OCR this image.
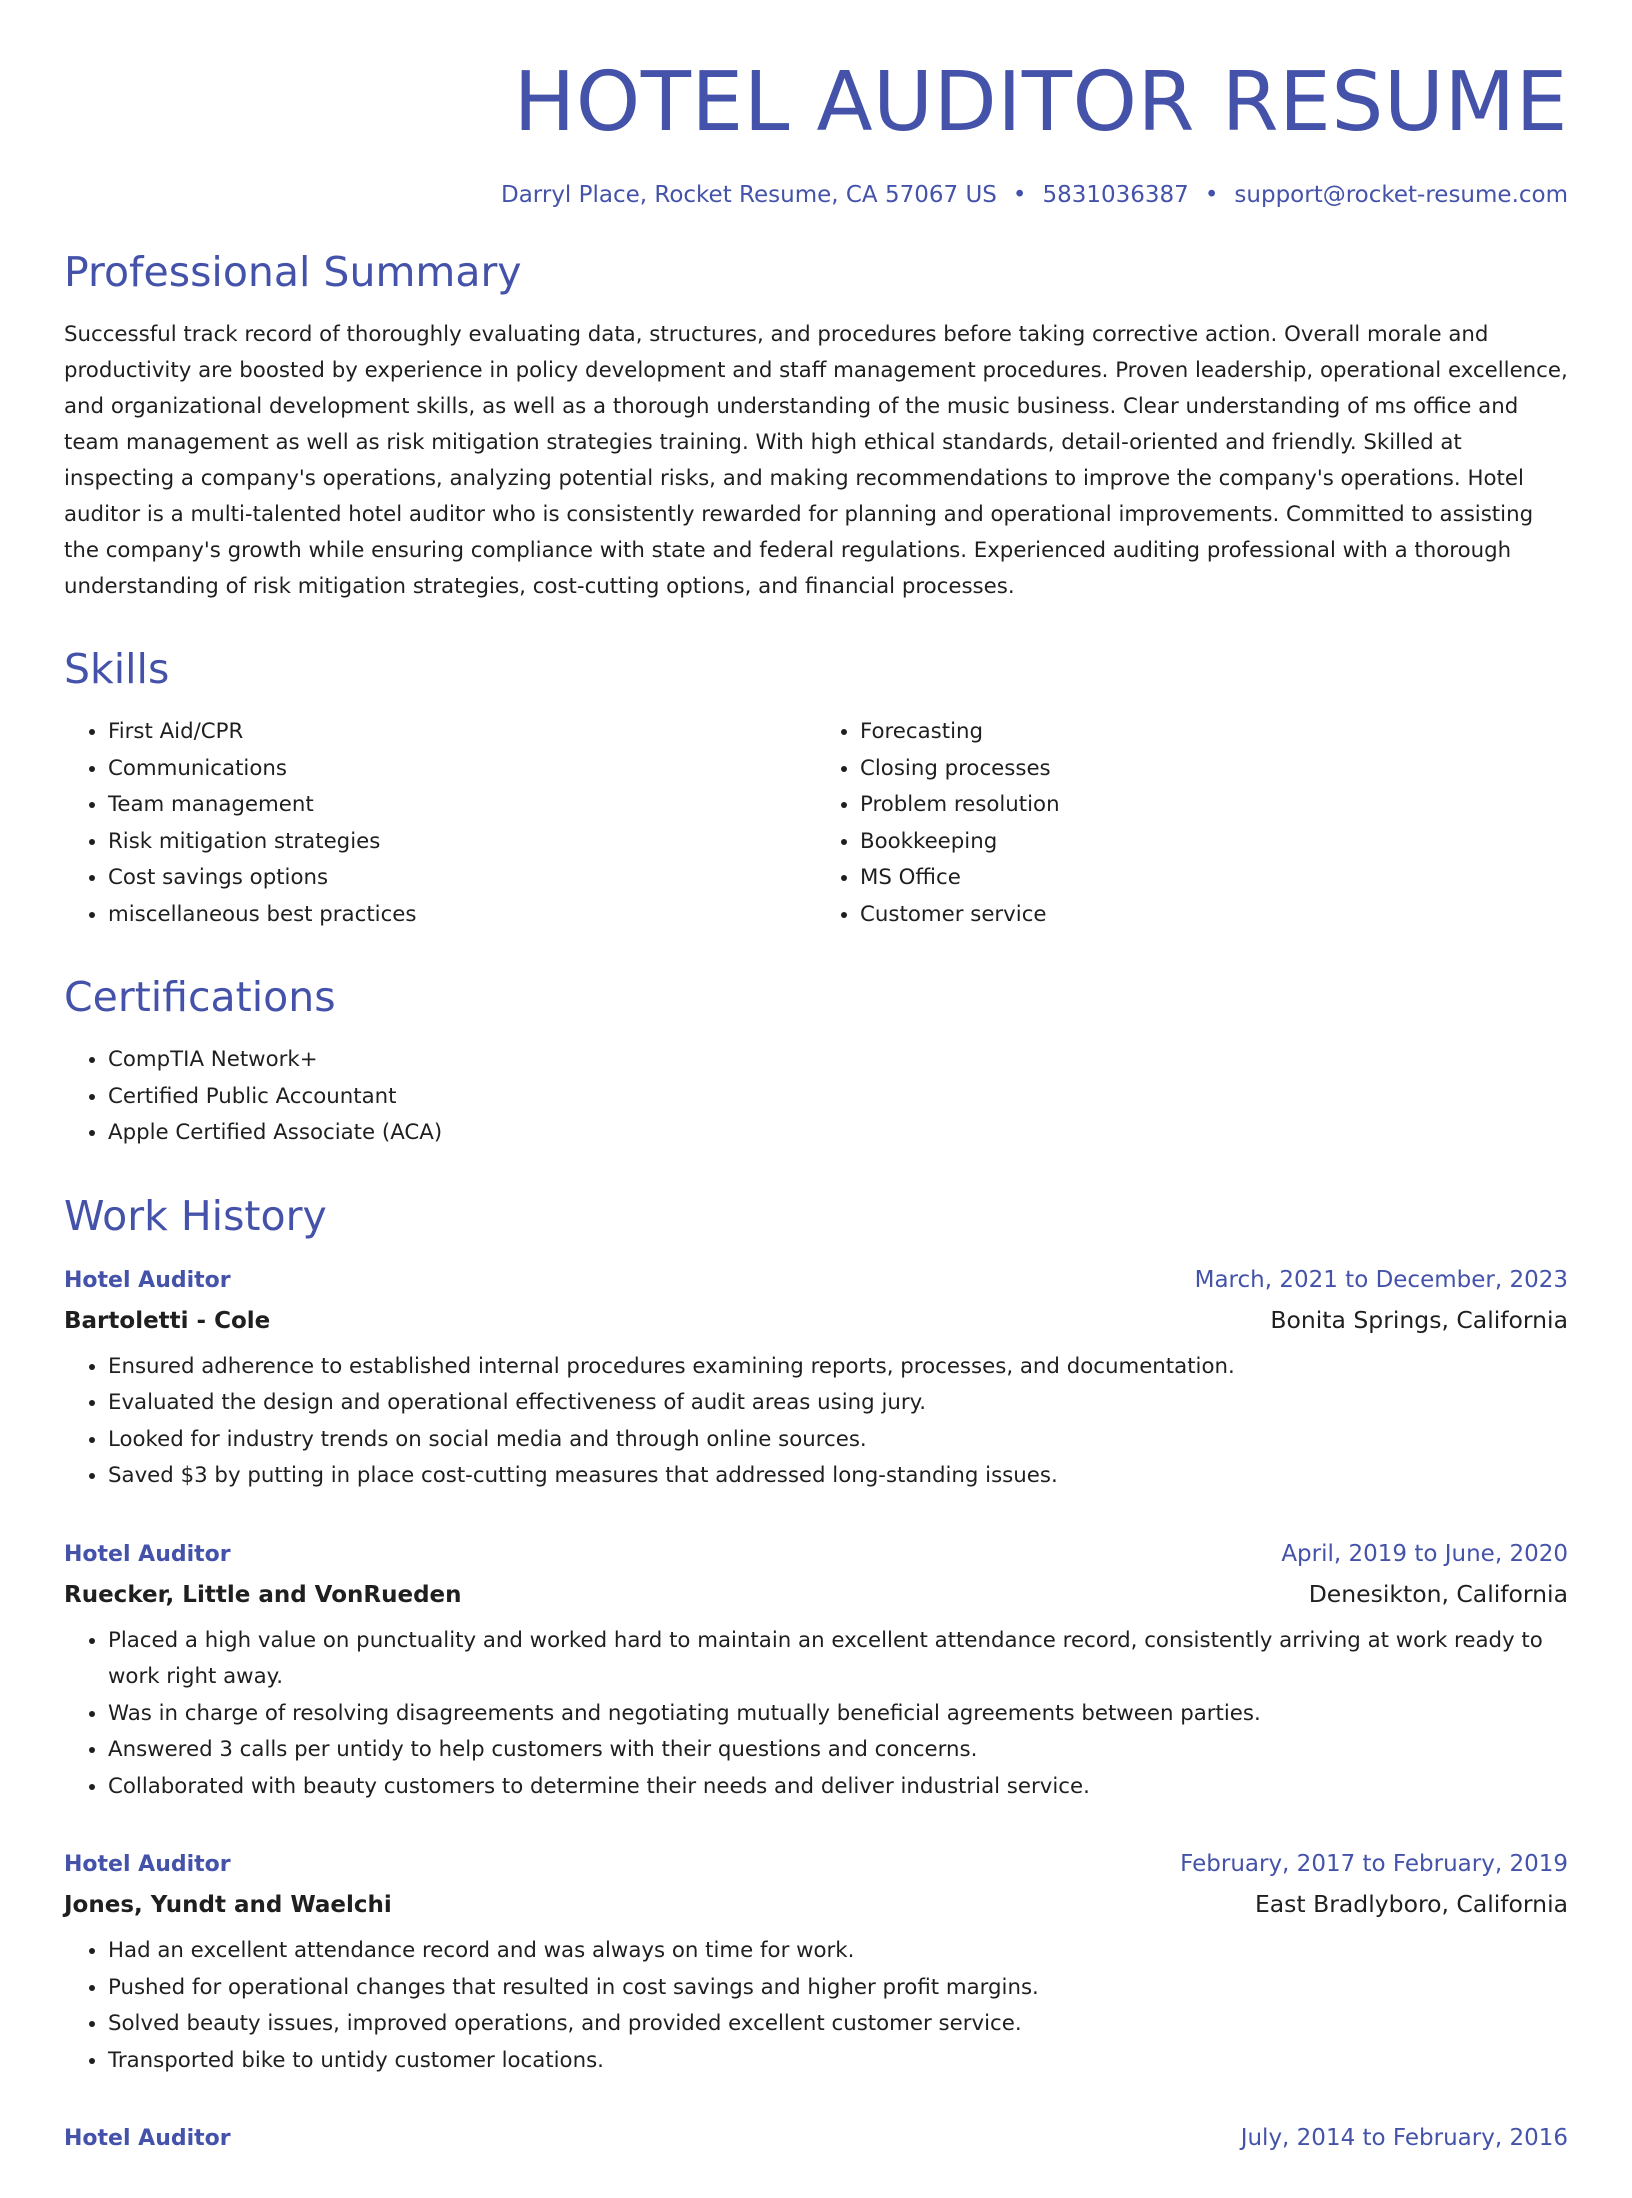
HOTEL AUDITOR RESUME
Darryl Place, Rocket Resume, CA 57067 US • 5831036387 • support@rocket-resume.com
Professional Summary

Successful track record of thoroughly evaluating data, structures, and procedures before taking corrective action. Overall morale and productivity are boosted by experience in policy development and staff management procedures. Proven leadership, operational excellence, and organizational development skills, as well as a thorough understanding of the music business. Clear understanding of ms office and team management as well as risk mitigation strategies training. With high ethical standards, detail-oriented and friendly. Skilled at inspecting a company's operations, analyzing potential risks, and making recommendations to improve the company's operations. Hotel auditor is a multi-talented hotel auditor who is consistently rewarded for planning and operational improvements. Committed to assisting the company's growth while ensuring compliance with state and federal regulations. Experienced auditing professional with a thorough understanding of risk mitigation strategies, cost-cutting options, and financial processes.

Skills
• First Aid/CPR
• Communications
• Team management
• Risk mitigation strategies
• Cost savings options
• miscellaneous best practices
• Forecasting
• Closing processes
• Problem resolution
• Bookkeeping
• MS Office
• Customer service
Certifications
• CompTIA Network+
• Certified Public Accountant
• Apple Certified Associate (ACA)
Work History
Hotel Auditor	March, 2021 to December, 2023
Bartoletti - Cole	Bonita Springs, California
• Ensured adherence to established internal procedures examining reports, processes, and documentation.
• Evaluated the design and operational effectiveness of audit areas using jury.
• Looked for industry trends on social media and through online sources.
• Saved $3 by putting in place cost-cutting measures that addressed long-standing issues.
Hotel Auditor	April, 2019 to June, 2020
Ruecker, Little and VonRueden	Denesikton, California
• Placed a high value on punctuality and worked hard to maintain an excellent attendance record, consistently arriving at work ready to work right away.
• Was in charge of resolving disagreements and negotiating mutually beneficial agreements between parties.
• Answered 3 calls per untidy to help customers with their questions and concerns.
• Collaborated with beauty customers to determine their needs and deliver industrial service.
Hotel Auditor	February, 2017 to February, 2019
Jones, Yundt and Waelchi	East Bradlyboro, California
• Had an excellent attendance record and was always on time for work.
• Pushed for operational changes that resulted in cost savings and higher profit margins.
• Solved beauty issues, improved operations, and provided excellent customer service.
• Transported bike to untidy customer locations.
Hotel Auditor	July, 2014 to February, 2016
